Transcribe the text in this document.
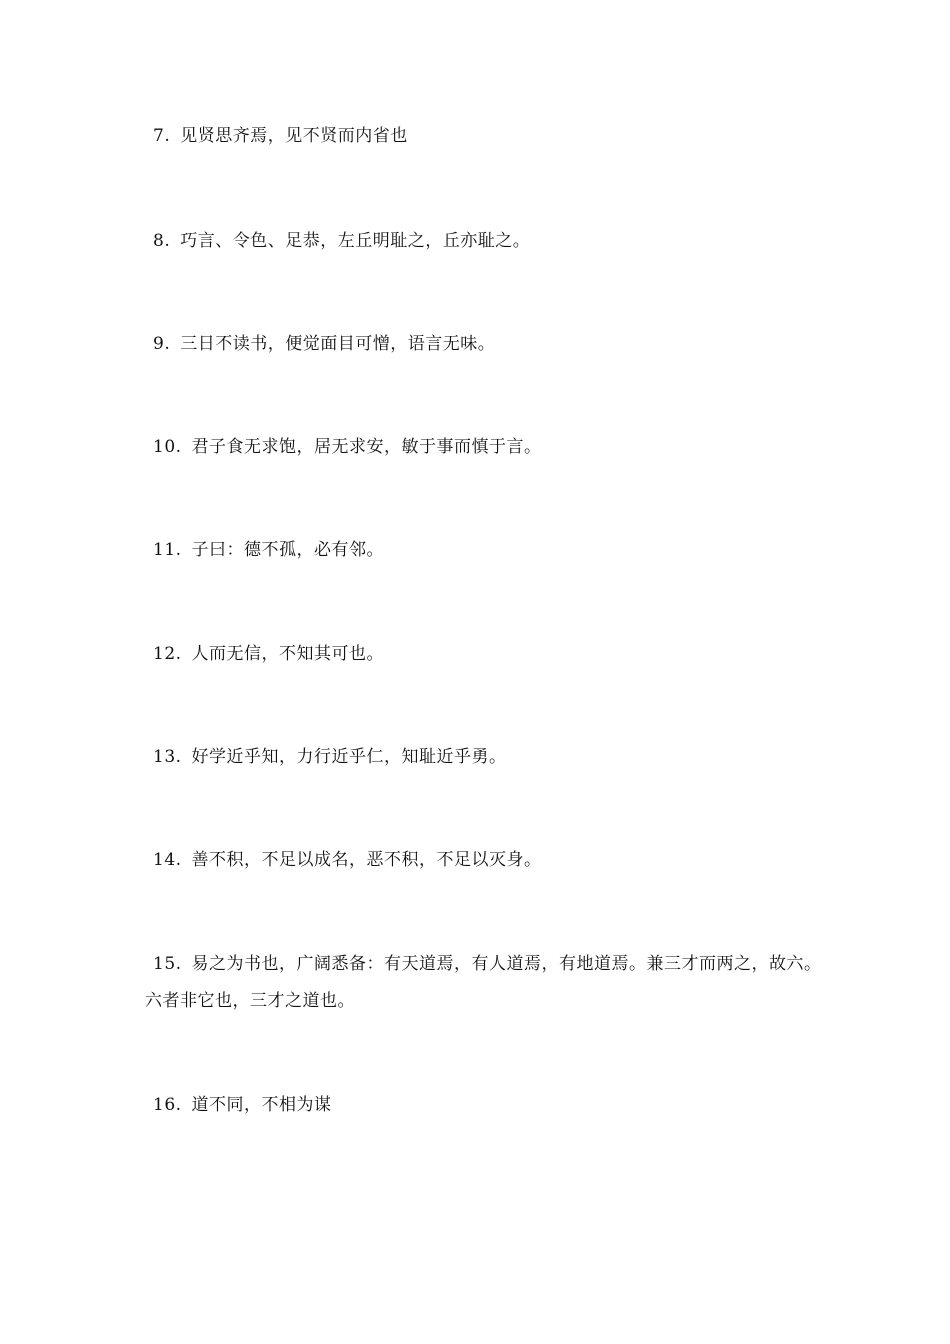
7. 见贤思齐焉，见不贤而内省也
8. 巧言、令色、足恭，左丘明耻之，丘亦耻之。
9. 三日不读书，便觉面目可憎，语言无味。
10. 君子食无求饱，居无求安，敏于事而慎于言。
11. 子曰：德不孤，必有邻。
12. 人而无信，不知其可也。
13. 好学近乎知，力行近乎仁，知耻近乎勇。
14. 善不积，不足以成名，恶不积，不足以灭身。
15. 易之为书也，广阔悉备：有天道焉，有人道焉，有地道焉。兼三才而两之，故六。六者非它也，三才之道也。
16. 道不同，不相为谋
